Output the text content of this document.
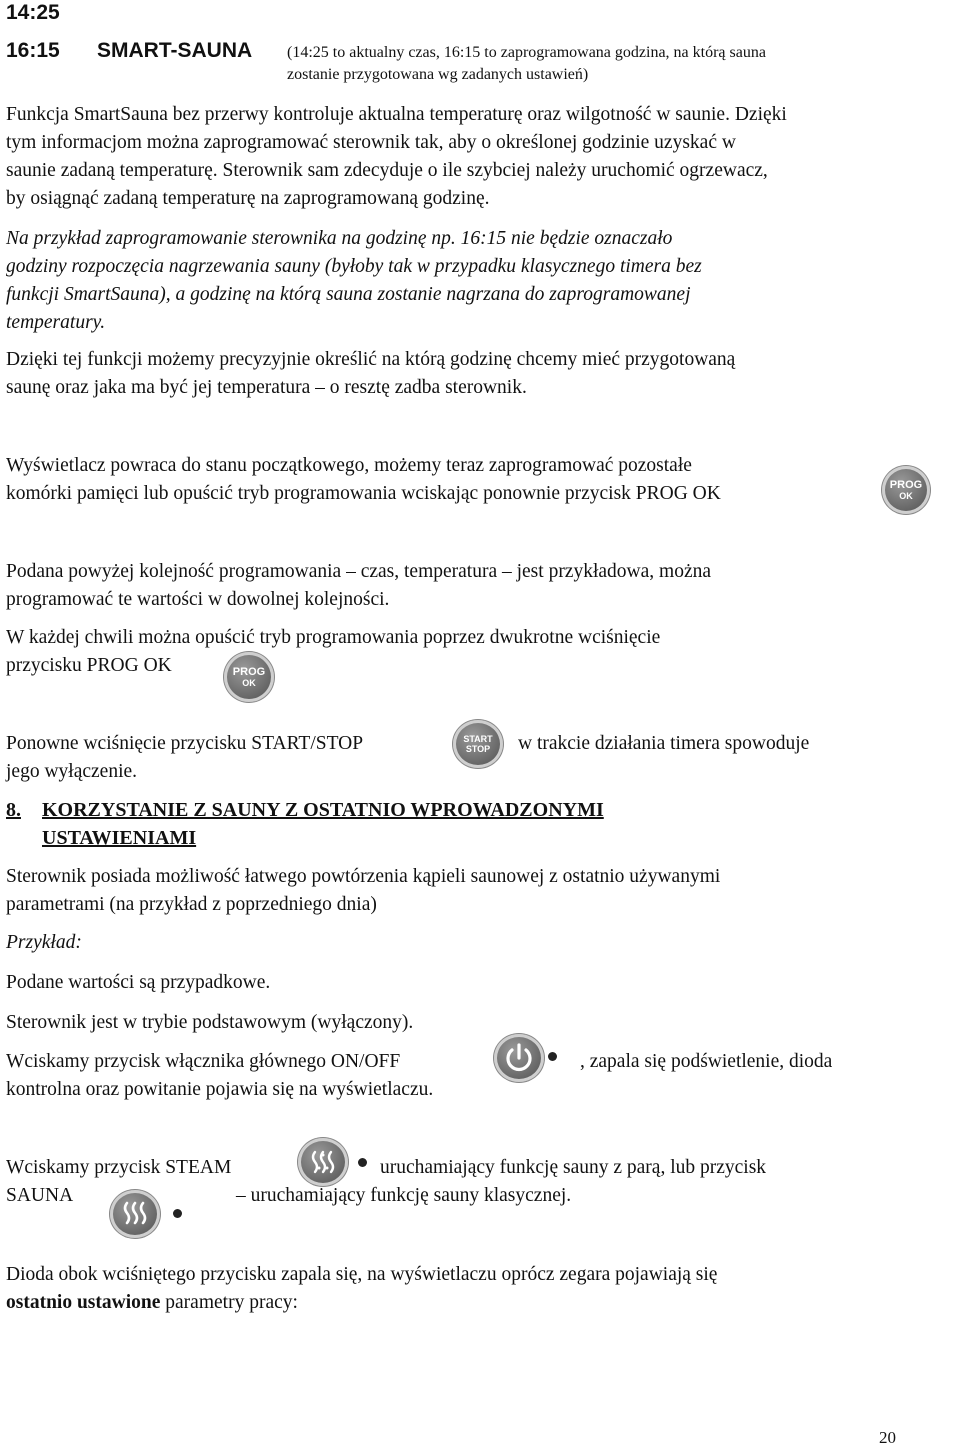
14:25
16:15 SMART-SAUNA (14:25 to aktualny czas, 16:15 to zaprogramowana godzina, na którą sauna
zostanie przygotowana wg zadanych ustawień)
Funkcja SmartSauna bez przerwy kontroluje aktualna temperaturę oraz wilgotność w saunie. Dzięki
tym informacjom można zaprogramować sterownik tak, aby o określonej godzinie uzyskać w
saunie zadaną temperaturę. Sterownik sam zdecyduje o ile szybciej należy uruchomić ogrzewacz,
by osiągnąć zadaną temperaturę na zaprogramowaną godzinę.
Na przykład zaprogramowanie sterownika na godzinę np. 16:15 nie będzie oznaczało
godziny rozpoczęcia nagrzewania sauny (byłoby tak w przypadku klasycznego timera bez
funkcji SmartSauna), a godzinę na którą sauna zostanie nagrzana do zaprogramowanej
temperatury.
Dzięki tej funkcji możemy precyzyjnie określić na którą godzinę chcemy mieć przygotowaną
saunę oraz jaka ma być jej temperatura – o resztę zadba sterownik.
Wyświetlacz powraca do stanu początkowego, możemy teraz zaprogramować pozostałe
komórki pamięci lub opuścić tryb programowania wciskając ponownie przycisk PROG OK	PROG
OK
Podana powyżej kolejność programowania – czas, temperatura – jest przykładowa, można
programować te wartości w dowolnej kolejności.
W każdej chwili można opuścić tryb programowania poprzez dwukrotne wciśnięcie
przycisku PROG OK	PROG
OK
Ponowne wciśnięcie przycisku START/STOP	START
STOP w trakcie działania timera spowoduje
jego wyłączenie.
8. KORZYSTANIE Z SAUNY Z OSTATNIO WPROWADZONYMI
USTAWIENIAMI
Sterownik posiada możliwość łatwego powtórzenia kąpieli saunowej z ostatnio używanymi
parametrami (na przykład z poprzedniego dnia)
Przykład:
Podane wartości są przypadkowe.
Sterownik jest w trybie podstawowym (wyłączony).
Wciskamy przycisk włącznika głównego ON/OFF	, zapala się podświetlenie, dioda
kontrolna oraz powitanie pojawia się na wyświetlaczu.
Wciskamy przycisk STEAM	uruchamiający funkcję sauny z parą, lub przycisk
SAUNA	– uruchamiający funkcję sauny klasycznej.
Dioda obok wciśniętego przycisku zapala się, na wyświetlaczu oprócz zegara pojawiają się
ostatnio ustawione parametry pracy:
20
